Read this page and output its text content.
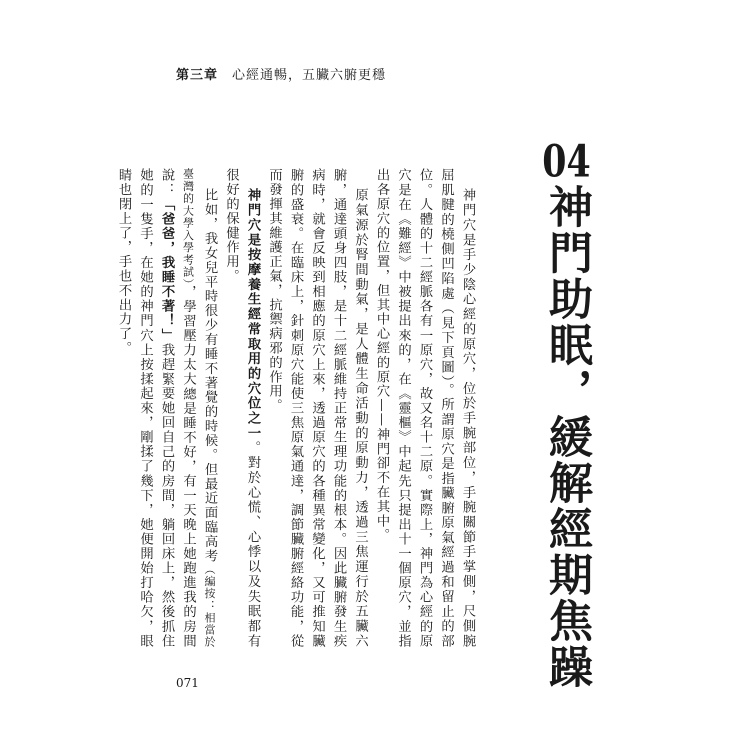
第三章 心經通暢，五臟六腑更穩
04神門助眠，緩解經期焦躁

神門穴是手少陰心經的原穴，位於手腕部位，手腕關節手掌側，尺側腕屈肌腱的橈側凹陷處（見下頁圖）。所謂原穴是指臟腑原氣經過和留止的部位。人體的十二經脈各有一原穴，故又名十二原。實際上，神門為心經的原穴是在《難經》中被提出來的，在《靈樞》中起先只提出十一個原穴，並指出各原穴的位置，但其中心經的原穴——神門卻不在其中。

原氣源於腎間動氣，是人體生命活動的原動力，透過三焦運行於五臟六腑，通達頭身四肢，是十二經脈維持正常生理功能的根本。因此臟腑發生疾病時，就會反映到相應的原穴上來，透過原穴的各種異常變化，又可推知臟腑的盛衰。在臨床上，針刺原穴能使三焦原氣通達，調節臟腑經絡功能，從而發揮其維護正氣，抗禦病邪的作用。

神門穴是按摩養生經常取用的穴位之一。對於心慌、心悸以及失眠都有很好的保健作用。

比如，我女兒平時很少有睡不著覺的時候。但最近面臨高考（編按：相當於臺灣的大學入學考試），學習壓力太大總是睡不好，有一天晚上她跑進我的房間說：「爸爸，我睡不著！」我趕緊要她回自己的房間，躺回床上，然後抓住她的一隻手，在她的神門穴上按揉起來，剛揉了幾下，她便開始打哈欠，眼睛也閉上了，手也不出力了。

071
